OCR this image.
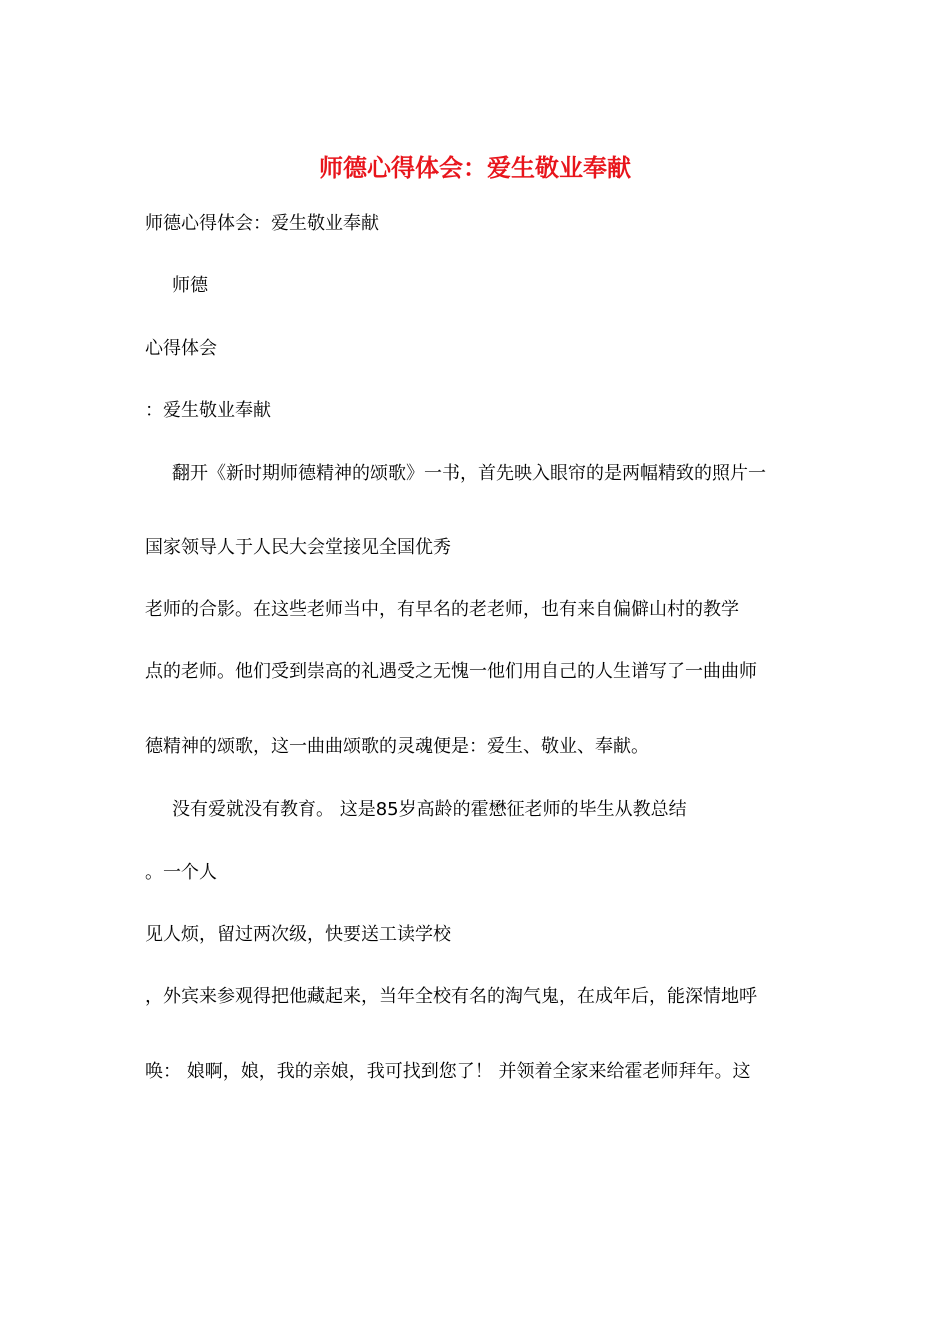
师德心得体会：爱生敬业奉献
师德心得体会：爱生敬业奉献
师德
心得体会
：爱生敬业奉献
翻开《新时期师德精神的颂歌》一书，首先映入眼帘的是两幅精致的照片一
国家领导人于人民大会堂接见全国优秀
老师的合影。在这些老师当中，有早名的老老师，也有来自偏僻山村的教学
点的老师。他们受到崇高的礼遇受之无愧一他们用自己的人生谱写了一曲曲师
德精神的颂歌，这一曲曲颂歌的灵魂便是：爱生、敬业、奉献。
没有爱就没有教育。 这是85岁高龄的霍懋征老师的毕生从教总结
。一个人
见人烦，留过两次级，快要送工读学校
，外宾来参观得把他藏起来，当年全校有名的淘气鬼，在成年后，能深情地呼
唤： 娘啊，娘，我的亲娘，我可找到您了！ 并领着全家来给霍老师拜年。这
